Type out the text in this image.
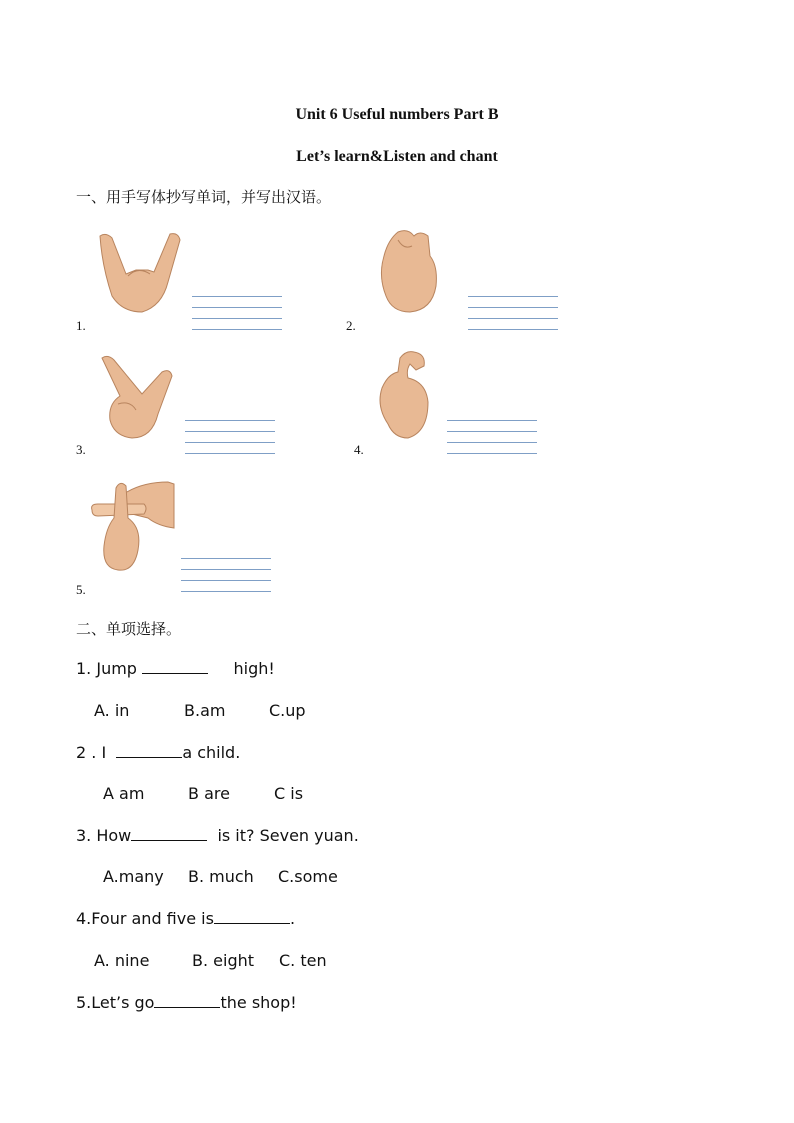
Unit 6 Useful numbers Part B
Let’s learn&Listen and chant
一、用手写体抄写单词，并写出汉语。
1.	2.
3.	4.
5.
二、单项选择。
1. Jump	high!
A. in	B.am	C.up
2 . I	a child.
A am	B are	C is
3. How	is it? Seven yuan.
A.many B. much C.some
4.Four and five is	.
A. nine	B. eight C. ten
5.Let’s go	the shop!
